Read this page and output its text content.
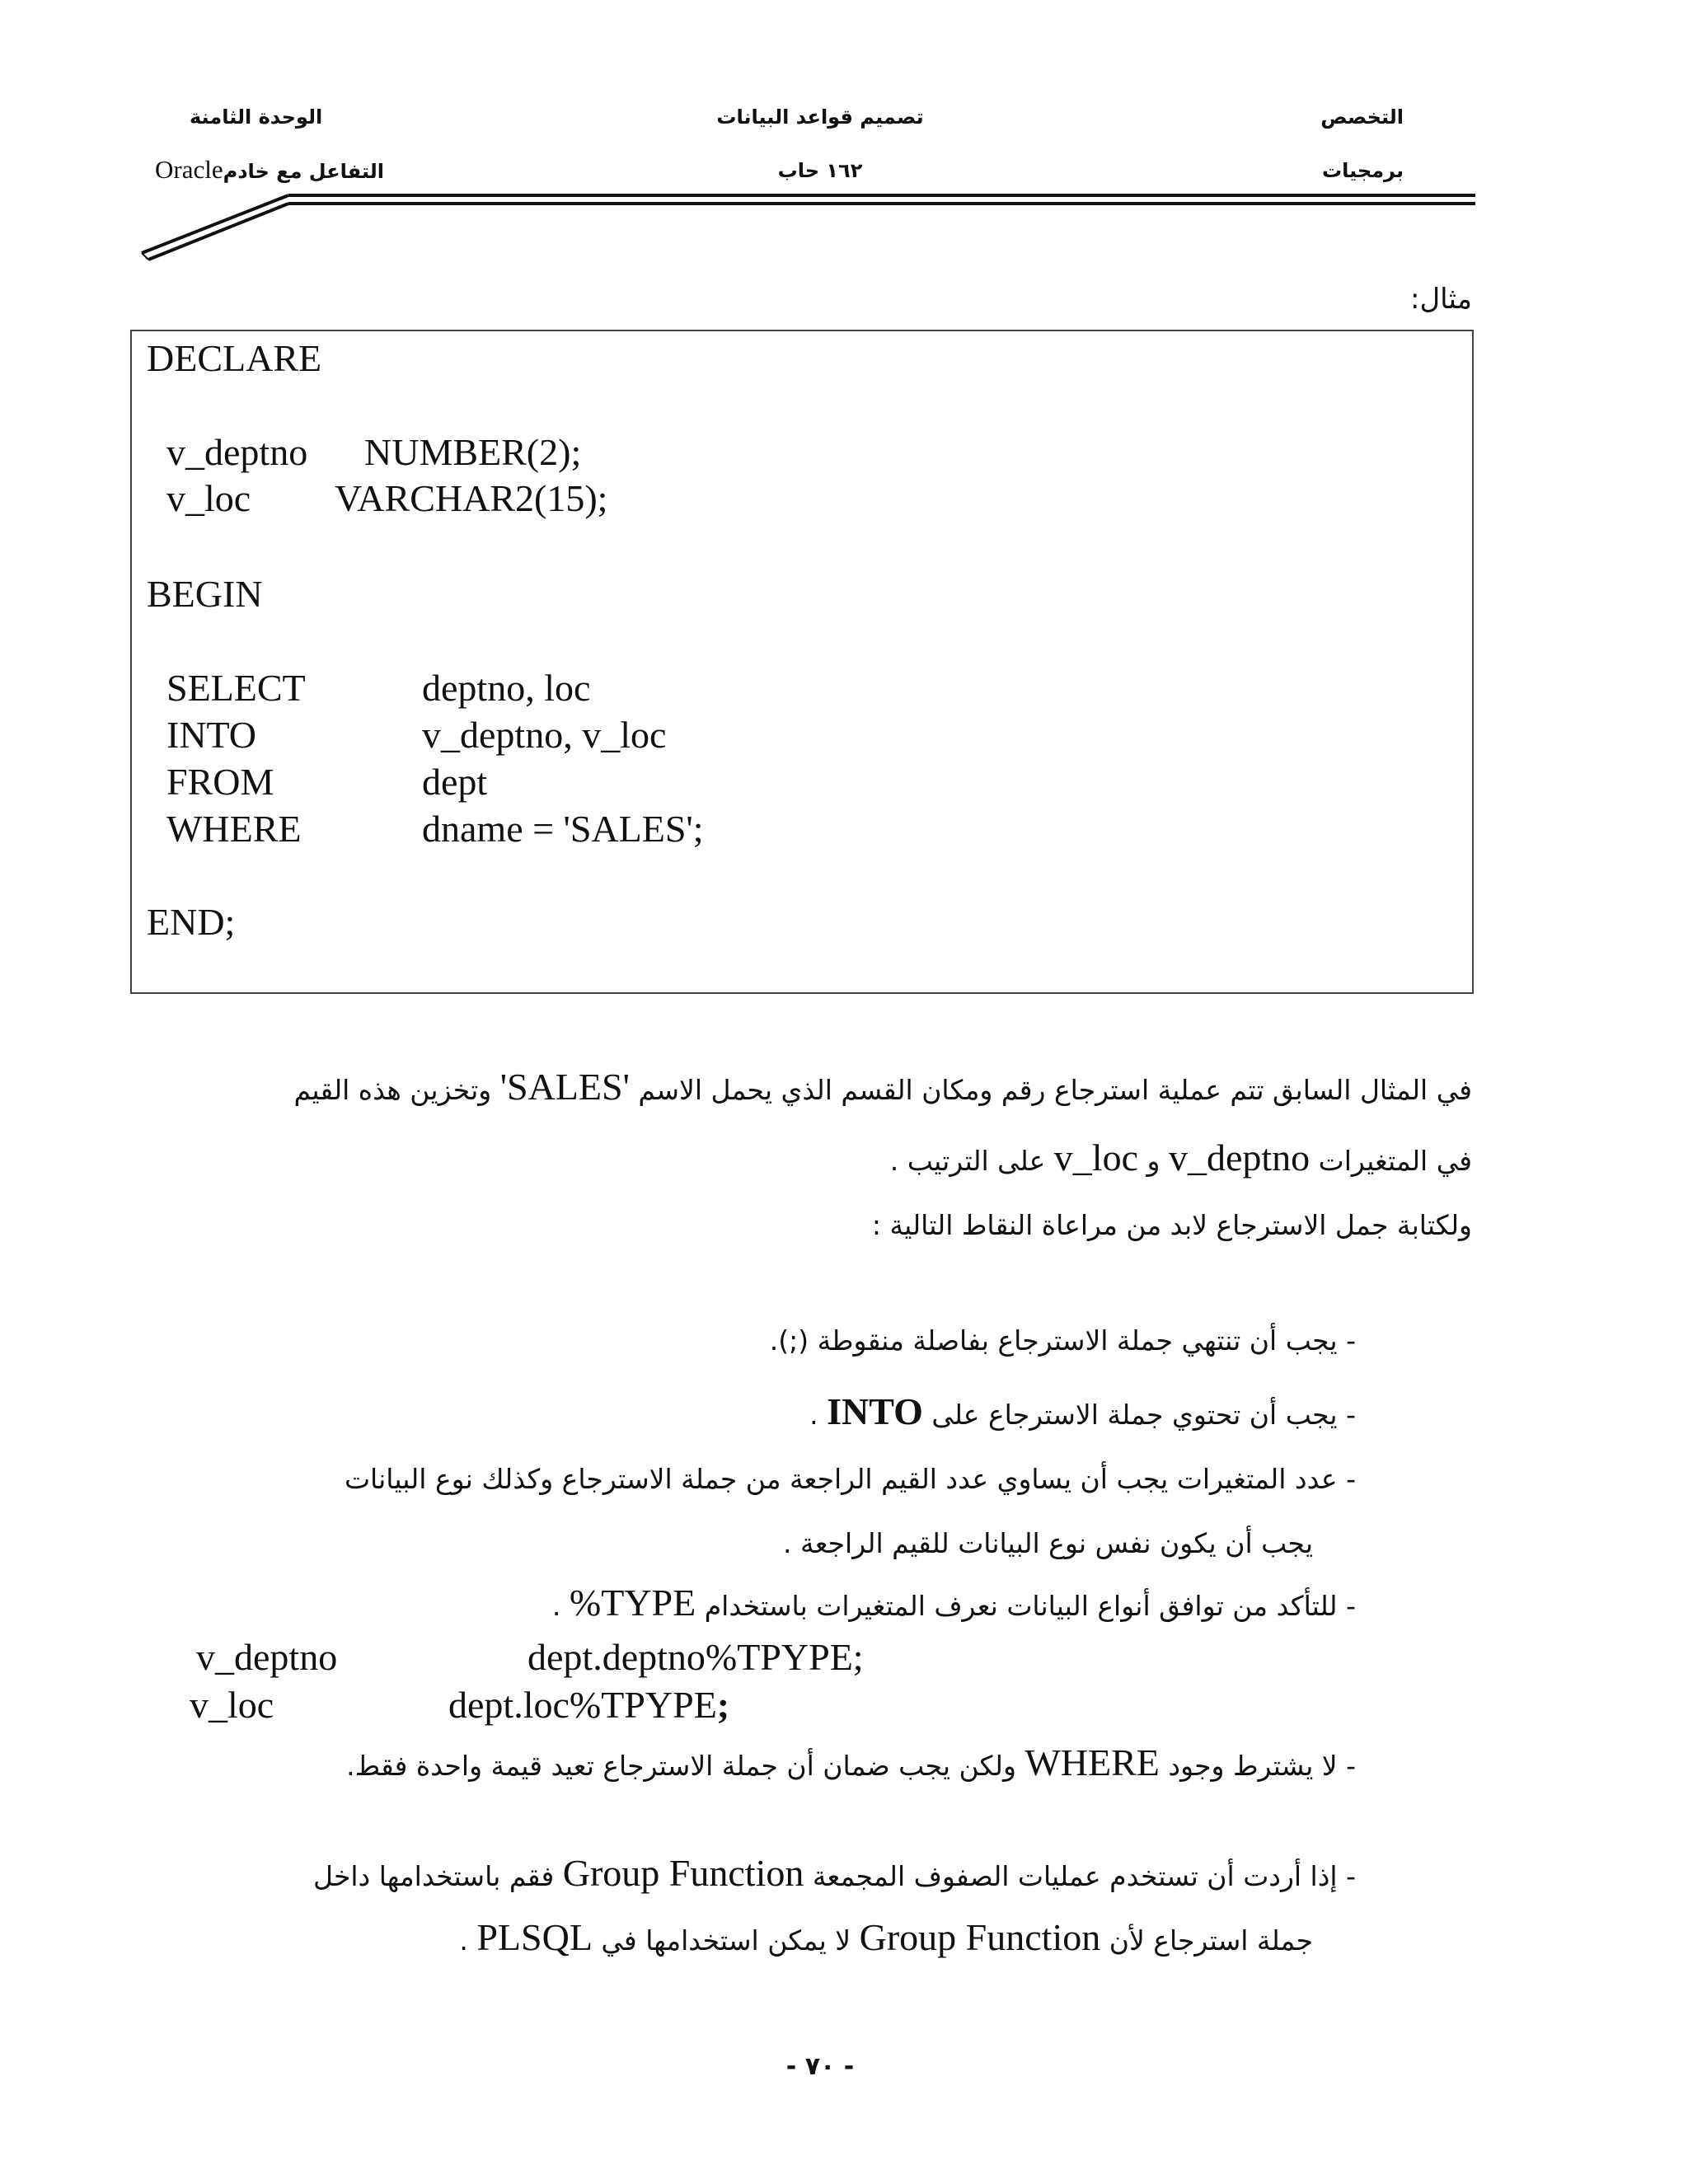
التخصص
برمجيات
تصميم قواعد البيانات
١٦٢ حاب
الوحدة الثامنة
Oracleالتفاعل مع خادم
مثال:
DECLARE
v_deptno NUMBER(2);
v_loc VARCHAR2(15);
BEGIN
SELECT	deptno, loc
INTO	v_deptno, v_loc
FROM	dept
WHERE	dname = 'SALES';
END;
في المثال السابق تتم عملية استرجاع رقم ومكان القسم الذي يحمل الاسم 'SALES' وتخزين هذه القيم
في المتغيرات v_deptno و v_loc على الترتيب .
ولكتابة جمل الاسترجاع لابد من مراعاة النقاط التالية :
- يجب أن تنتهي جملة الاسترجاع بفاصلة منقوطة (;).
- يجب أن تحتوي جملة الاسترجاع على INTO .
- عدد المتغيرات يجب أن يساوي عدد القيم الراجعة من جملة الاسترجاع وكذلك نوع البيانات
يجب أن يكون نفس نوع البيانات للقيم الراجعة .
- للتأكد من توافق أنواع البيانات نعرف المتغيرات باستخدام %TYPE .
v_deptno	dept.deptno%TPYPE;
v_loc	dept.loc%TPYPE;
- لا يشترط وجود WHERE ولكن يجب ضمان أن جملة الاسترجاع تعيد قيمة واحدة فقط.
- إذا أردت أن تستخدم عمليات الصفوف المجمعة Group Function فقم باستخدامها داخل
جملة استرجاع لأن Group Function لا يمكن استخدامها في PLSQL .
- ٧٠ -
